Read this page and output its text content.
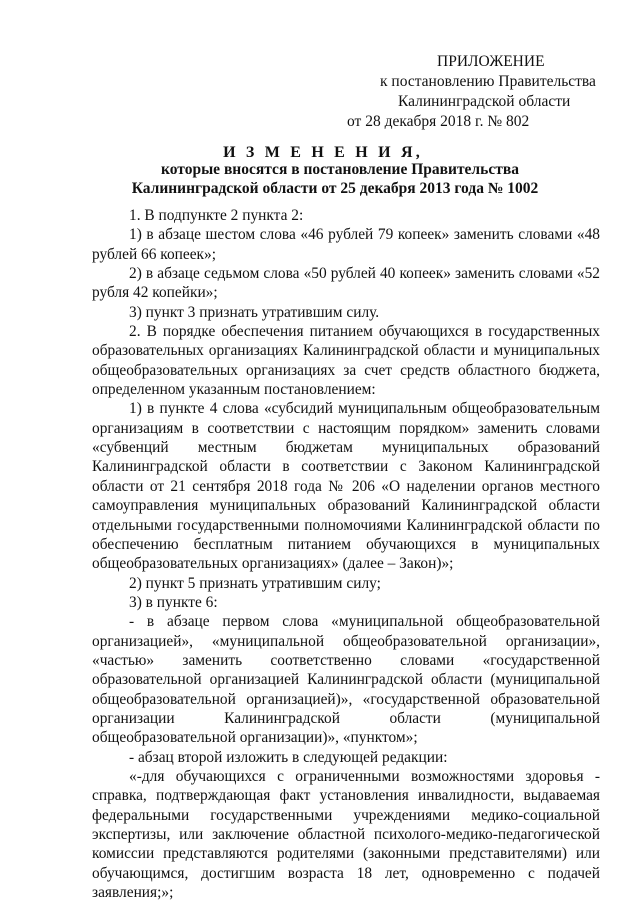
ПРИЛОЖЕНИЕ
к постановлению Правительства
Калининградской области
от 28 декабря 2018 г. № 802
И З М Е Н Е Н И Я,
которые вносятся в постановление Правительства
Калининградской области от 25 декабря 2013 года № 1002

1. В подпункте 2 пункта 2:

1) в абзаце шестом слова «46 рублей 79 копеек» заменить словами «48 рублей 66 копеек»;

2) в абзаце седьмом слова «50 рублей 40 копеек» заменить словами «52 рубля 42 копейки»;

3) пункт 3 признать утратившим силу.

2. В порядке обеспечения питанием обучающихся в государственных образовательных организациях Калининградской области и муниципальных общеобразовательных организациях за счет средств областного бюджета, определенном указанным постановлением:

1) в пункте 4 слова «субсидий муниципальным общеобразовательным организациям в соответствии с настоящим порядком» заменить словами «субвенций местным бюджетам муниципальных образований Калининградской области в соответствии с Законом Калининградской области от 21 сентября 2018 года № 206 «О наделении органов местного самоуправления муниципальных образований Калининградской области отдельными государственными полномочиями Калининградской области по обеспечению бесплатным питанием обучающихся в муниципальных общеобразовательных организациях» (далее – Закон)»;

2) пункт 5 признать утратившим силу;

3) в пункте 6:

- в абзаце первом слова «муниципальной общеобразовательной организацией», «муниципальной общеобразовательной организации», «частью» заменить соответственно словами «государственной образовательной организацией Калининградской области (муниципальной общеобразовательной организацией)», «государственной образовательной организации Калининградской области (муниципальной общеобразовательной организации)», «пунктом»;

- абзац второй изложить в следующей редакции:

«-для обучающихся с ограниченными возможностями здоровья - справка, подтверждающая факт установления инвалидности, выдаваемая федеральными государственными учреждениями медико-социальной экспертизы, или заключение областной психолого-медико-педагогической комиссии представляются родителями (законными представителями) или обучающимся, достигшим возраста 18 лет, одновременно с подачей заявления;»;
